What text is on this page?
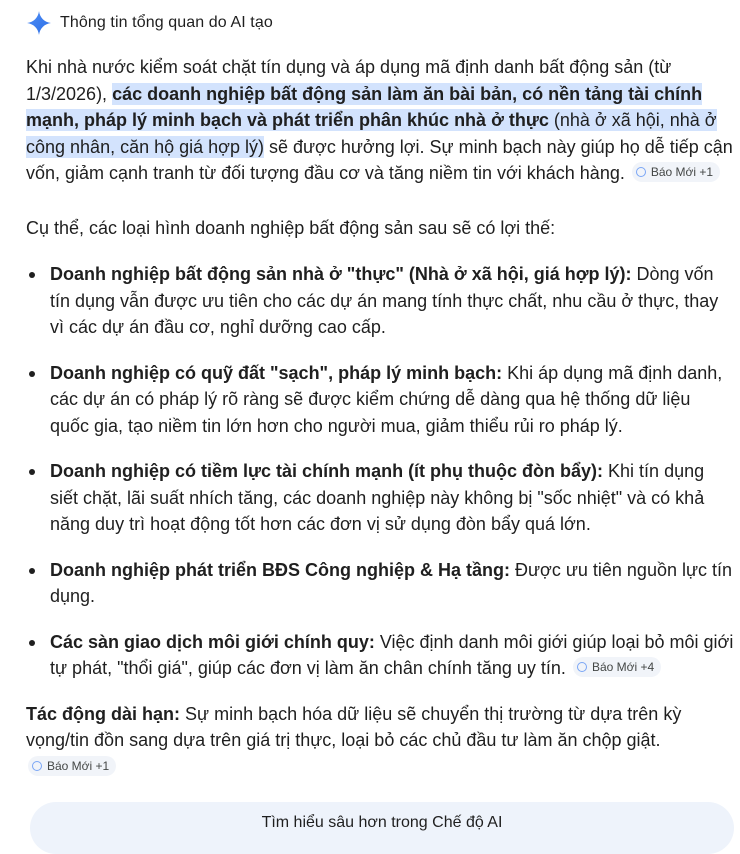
Thông tin tổng quan do AI tạo

Khi nhà nước kiểm soát chặt tín dụng và áp dụng mã định danh bất động sản (từ 1/3/2026), các doanh nghiệp bất động sản làm ăn bài bản, có nền tảng tài chính mạnh, pháp lý minh bạch và phát triển phân khúc nhà ở thực (nhà ở xã hội, nhà ở công nhân, căn hộ giá hợp lý) sẽ được hưởng lợi. Sự minh bạch này giúp họ dễ tiếp cận vốn, giảm cạnh tranh từ đối tượng đầu cơ và tăng niềm tin với khách hàng. Báo Mới +1

Cụ thể, các loại hình doanh nghiệp bất động sản sau sẽ có lợi thế:

Doanh nghiệp bất động sản nhà ở "thực" (Nhà ở xã hội, giá hợp lý): Dòng vốn tín dụng vẫn được ưu tiên cho các dự án mang tính thực chất, nhu cầu ở thực, thay vì các dự án đầu cơ, nghỉ dưỡng cao cấp.
Doanh nghiệp có quỹ đất "sạch", pháp lý minh bạch: Khi áp dụng mã định danh, các dự án có pháp lý rõ ràng sẽ được kiểm chứng dễ dàng qua hệ thống dữ liệu quốc gia, tạo niềm tin lớn hơn cho người mua, giảm thiểu rủi ro pháp lý.
Doanh nghiệp có tiềm lực tài chính mạnh (ít phụ thuộc đòn bẩy): Khi tín dụng siết chặt, lãi suất nhích tăng, các doanh nghiệp này không bị "sốc nhiệt" và có khả năng duy trì hoạt động tốt hơn các đơn vị sử dụng đòn bẩy quá lớn.
Doanh nghiệp phát triển BĐS Công nghiệp & Hạ tầng: Được ưu tiên nguồn lực tín dụng.
Các sàn giao dịch môi giới chính quy: Việc định danh môi giới giúp loại bỏ môi giới tự phát, "thổi giá", giúp các đơn vị làm ăn chân chính tăng uy tín. Báo Mới +4

Tác động dài hạn: Sự minh bạch hóa dữ liệu sẽ chuyển thị trường từ dựa trên kỳ vọng/tin đồn sang dựa trên giá trị thực, loại bỏ các chủ đầu tư làm ăn chộp giật.
Báo Mới +1

Tìm hiểu sâu hơn trong Chế độ AI
